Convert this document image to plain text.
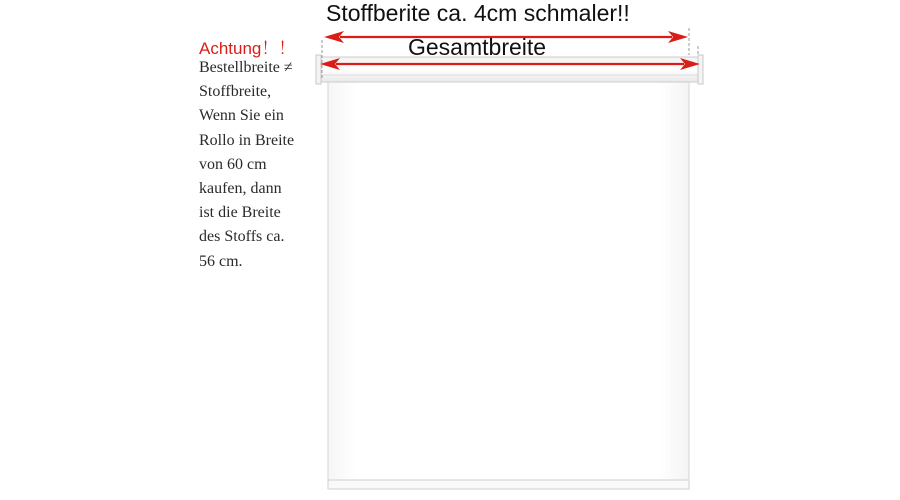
Stoffberite ca. 4cm schmaler!!
Gesamtbreite
Achtung！！

Bestellbreite ≠
Stoffbreite,
Wenn Sie ein
Rollo in Breite
von 60 cm
kaufen, dann
ist die Breite
des Stoffs ca.
56 cm.
